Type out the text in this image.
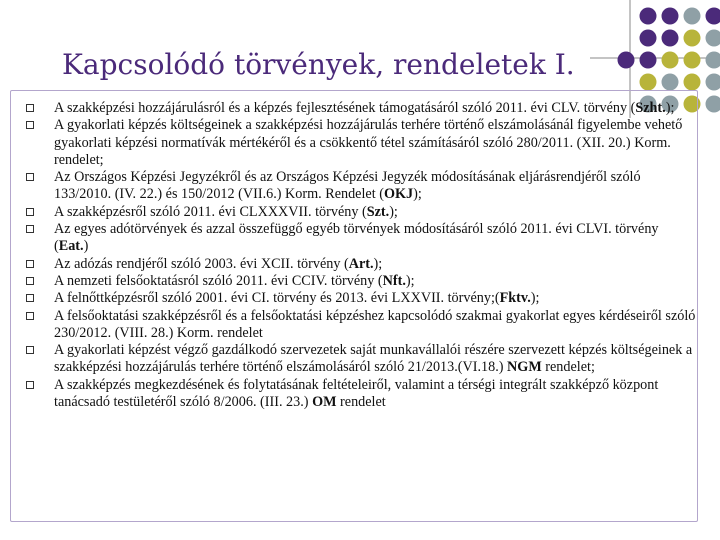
Kapcsolódó törvények, rendeletek I.
A szakképzési hozzájárulásról és a képzés fejlesztésének támogatásáról szóló 2011. évi CLV. törvény (Szht.);
A gyakorlati képzés költségeinek a szakképzési hozzájárulás terhére történő elszámolásánál figyelembe vehető gyakorlati képzési normatívák mértékéről és a csökkentő tétel számításáról szóló 280/2011. (XII. 20.) Korm. rendelet;
Az Országos Képzési Jegyzékről és az Országos Képzési Jegyzék módosításának eljárásrendjéről szóló 133/2010. (IV. 22.) és 150/2012 (VII.6.) Korm. Rendelet (OKJ);
A szakképzésről szóló 2011. évi CLXXXVII. törvény (Szt.);
Az egyes adótörvények és azzal összefüggő egyéb törvények módosításáról szóló 2011. évi CLVI. törvény (Eat.)
Az adózás rendjéről szóló 2003. évi XCII. törvény (Art.);
A nemzeti felsőoktatásról szóló 2011. évi CCIV. törvény (Nft.);
A felnőttképzésről szóló 2001. évi CI. törvény és 2013. évi LXXVII. törvény;(Fktv.);
A felsőoktatási szakképzésről és a felsőoktatási képzéshez kapcsolódó szakmai gyakorlat egyes kérdéseiről szóló 230/2012. (VIII. 28.) Korm. rendelet
A gyakorlati képzést végző gazdálkodó szervezetek saját munkavállalói részére szervezett képzés költségeinek a szakképzési hozzájárulás terhére történő elszámolásáról szóló 21/2013.(VI.18.) NGM rendelet;
A szakképzés megkezdésének és folytatásának feltételeiről, valamint a térségi integrált szakképző központ tanácsadó testületéről szóló 8/2006. (III. 23.) OM rendelet
